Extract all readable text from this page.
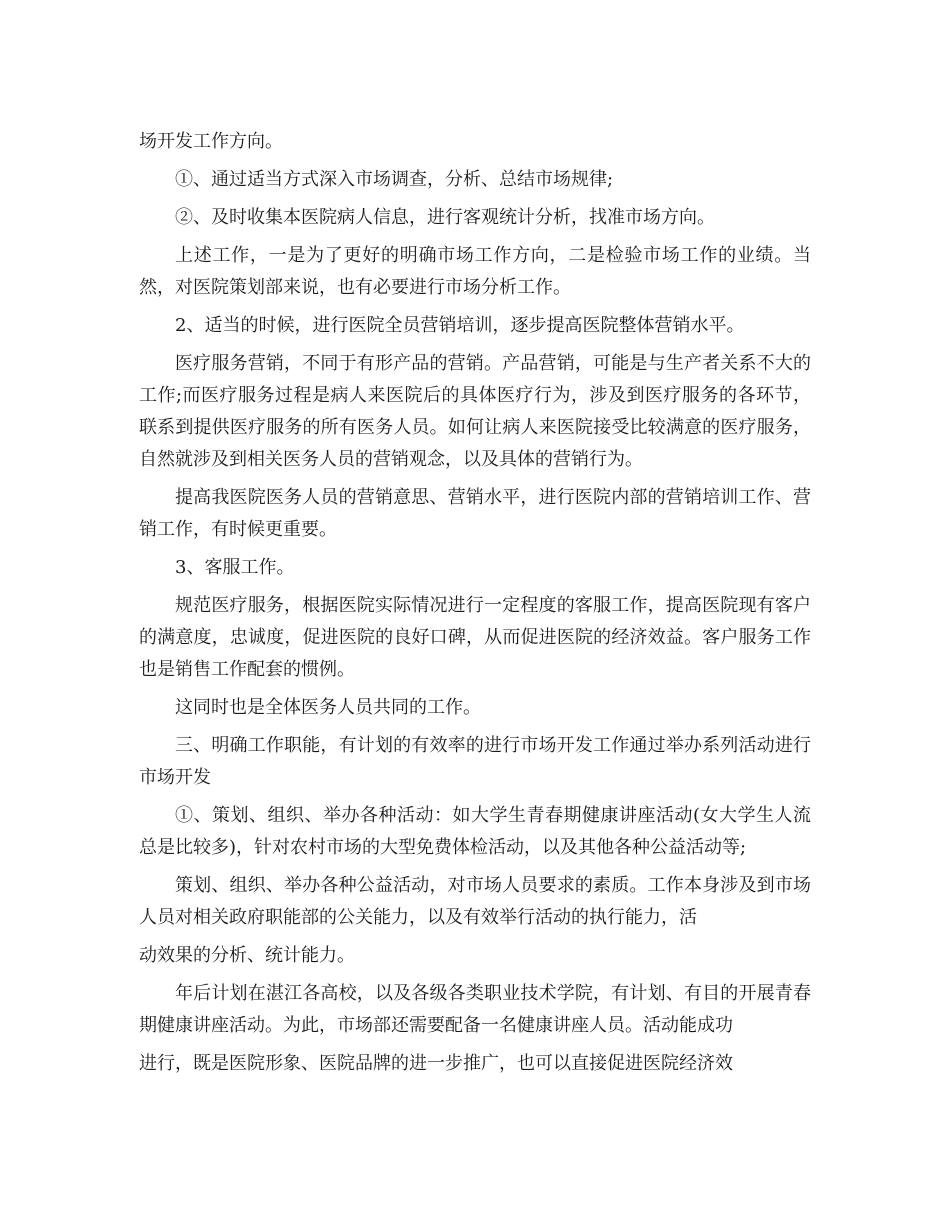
场开发工作方向。

①、通过适当方式深入市场调查，分析、总结市场规律;

②、及时收集本医院病人信息，进行客观统计分析，找准市场方向。

上述工作，一是为了更好的明确市场工作方向，二是检验市场工作的业绩。当然，对医院策划部来说，也有必要进行市场分析工作。

2、适当的时候，进行医院全员营销培训，逐步提高医院整体营销水平。

医疗服务营销，不同于有形产品的营销。产品营销，可能是与生产者关系不大的工作;而医疗服务过程是病人来医院后的具体医疗行为，涉及到医疗服务的各环节，联系到提供医疗服务的所有医务人员。如何让病人来医院接受比较满意的医疗服务，自然就涉及到相关医务人员的营销观念，以及具体的营销行为。

提高我医院医务人员的营销意思、营销水平，进行医院内部的营销培训工作、营销工作，有时候更重要。

3、客服工作。

规范医疗服务，根据医院实际情况进行一定程度的客服工作，提高医院现有客户的满意度，忠诚度，促进医院的良好口碑，从而促进医院的经济效益。客户服务工作也是销售工作配套的惯例。

这同时也是全体医务人员共同的工作。

三、明确工作职能，有计划的有效率的进行市场开发工作通过举办系列活动进行市场开发

①、策划、组织、举办各种活动：如大学生青春期健康讲座活动(女大学生人流总是比较多)，针对农村市场的大型免费体检活动，以及其他各种公益活动等;

策划、组织、举办各种公益活动，对市场人员要求的素质。工作本身涉及到市场人员对相关政府职能部的公关能力，以及有效举行活动的执行能力，活

动效果的分析、统计能力。

年后计划在湛江各高校，以及各级各类职业技术学院，有计划、有目的开展青春期健康讲座活动。为此，市场部还需要配备一名健康讲座人员。活动能成功

进行，既是医院形象、医院品牌的进一步推广，也可以直接促进医院经济效
